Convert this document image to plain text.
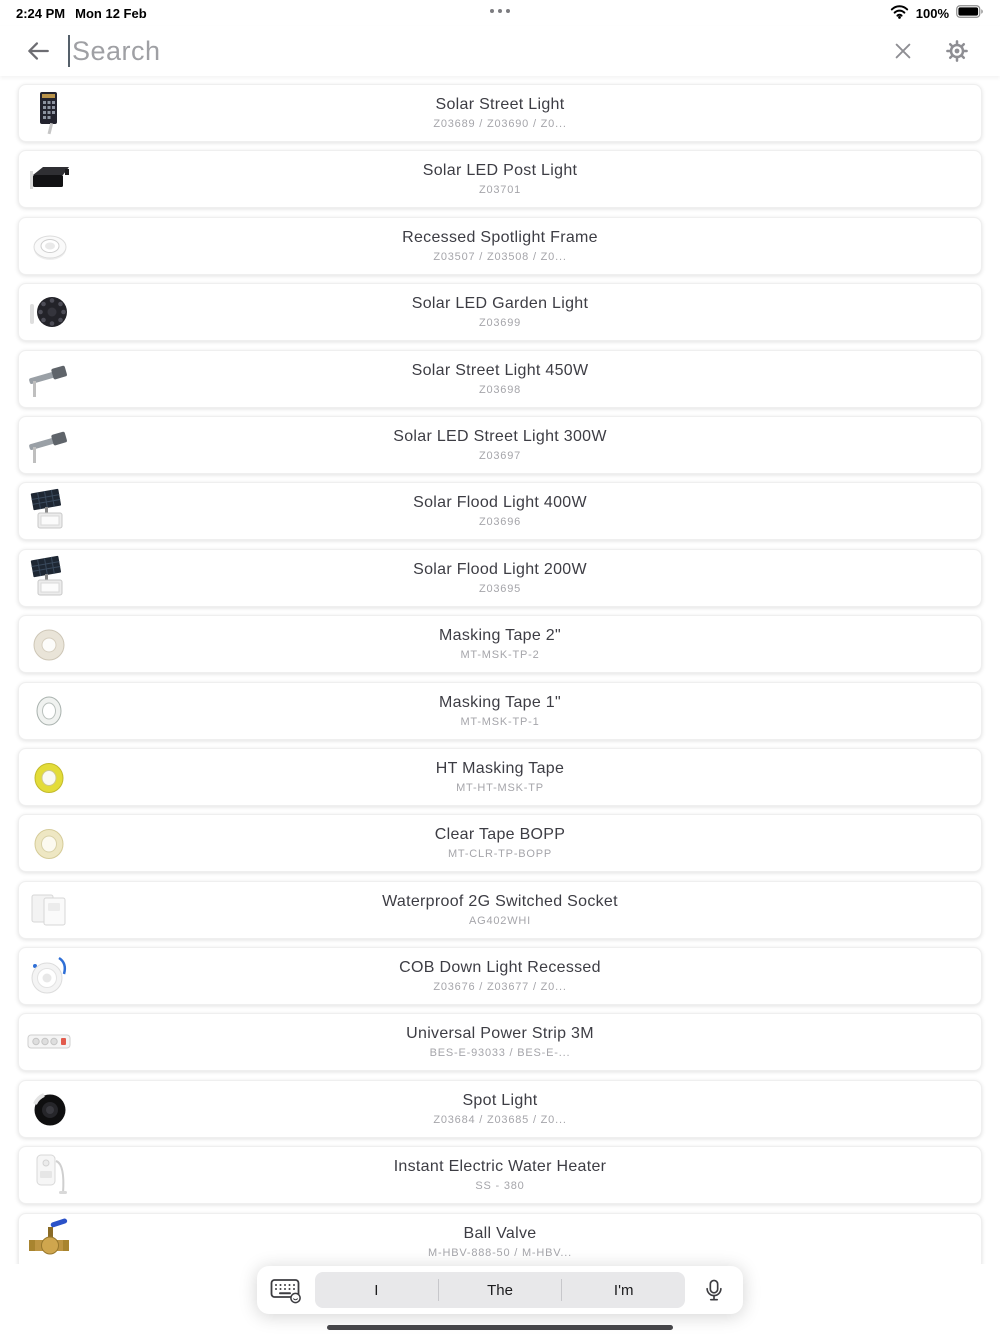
2:24 PM Mon 12 Feb	100%
Search
Solar Street Light
Z03689 / Z03690 / Z0...
Solar LED Post Light
Z03701
Recessed Spotlight Frame
Z03507 / Z03508 / Z0...
Solar LED Garden Light
Z03699
Solar Street Light 450W
Z03698
Solar LED Street Light 300W
Z03697
Solar Flood Light 400W
Z03696
Solar Flood Light 200W
Z03695
Masking Tape 2"
MT-MSK-TP-2
Masking Tape 1"
MT-MSK-TP-1
HT Masking Tape
MT-HT-MSK-TP
Clear Tape BOPP
MT-CLR-TP-BOPP
Waterproof 2G Switched Socket
AG402WHI
COB Down Light Recessed
Z03676 / Z03677 / Z0...
Universal Power Strip 3M
BES-E-93033 / BES-E-...
Spot Light
Z03684 / Z03685 / Z0...
Instant Electric Water Heater
SS - 380
Ball Valve
M-HBV-888-50 / M-HBV...
I	The	I'm
